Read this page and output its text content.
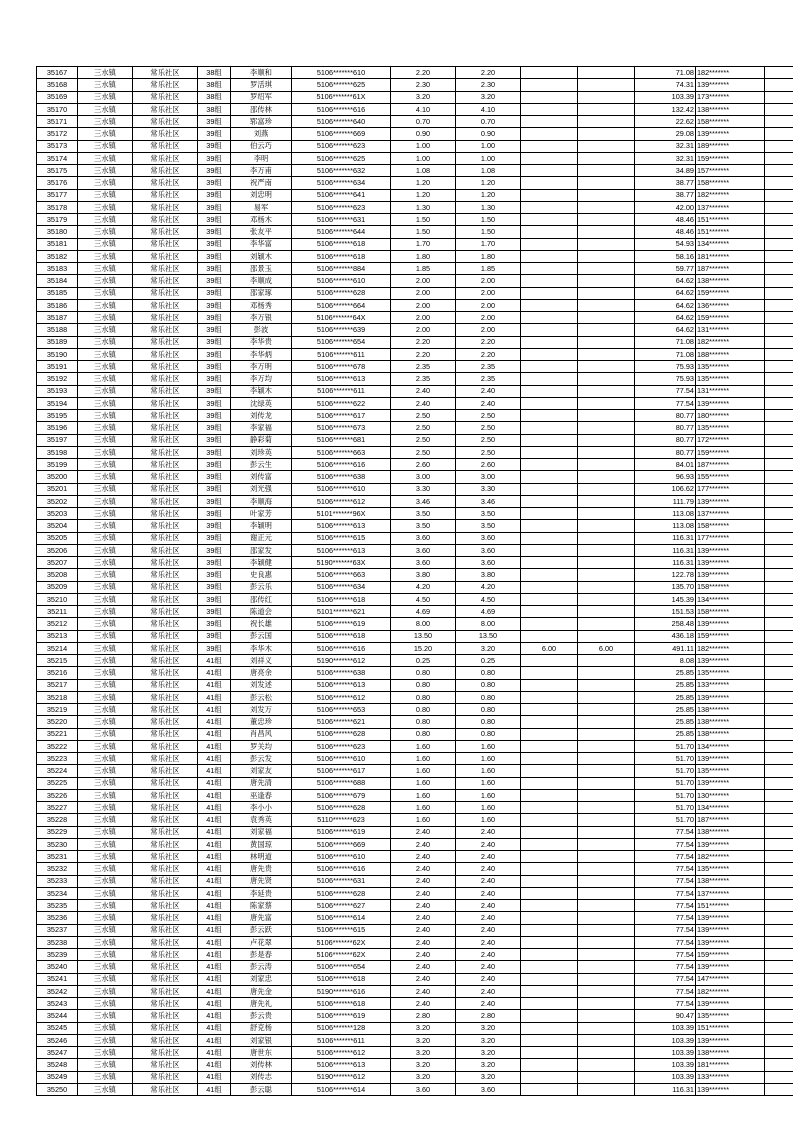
35167	三水镇	常乐社区	38组	李顺和	5106*******610	2.20	2.20			71.08	182*******	
35168	三水镇	常乐社区	38组	罗活琪	5106*******625	2.30	2.30			74.31	139*******	
35169	三水镇	常乐社区	38组	罗绍军	5106*******61X	3.20	3.20			103.39	173*******	
35170	三水镇	常乐社区	38组	邵传林	5106*******616	4.10	4.10			132.42	138*******	
35171	三水镇	常乐社区	39组	郓富珍	5106*******640	0.70	0.70			22.62	158*******	
35172	三水镇	常乐社区	39组	刘燕	5106*******669	0.90	0.90			29.08	139*******	
35173	三水镇	常乐社区	39组	伯云巧	5106*******623	1.00	1.00			32.31	189*******	
35174	三水镇	常乐社区	39组	李明	5106*******625	1.00	1.00			32.31	159*******	
35175	三水镇	常乐社区	39组	李万甫	5106*******632	1.08	1.08			34.89	157*******	
35176	三水镇	常乐社区	39组	祝严南	5106*******634	1.20	1.20			38.77	158*******	
35177	三水镇	常乐社区	39组	刘忠明	5106*******641	1.20	1.20			38.77	182*******	
35178	三水镇	常乐社区	39组	易军	5106*******623	1.30	1.30			42.00	137*******	
35179	三水镇	常乐社区	39组	邓杨木	5106*******631	1.50	1.50			48.46	151*******	
35180	三水镇	常乐社区	39组	张友平	5106*******644	1.50	1.50			48.46	151*******	
35181	三水镇	常乐社区	39组	李华富	5106*******618	1.70	1.70			54.93	134*******	
35182	三水镇	常乐社区	39组	刘颖木	5106*******618	1.80	1.80			58.16	181*******	
35183	三水镇	常乐社区	39组	邵景玉	5106*******884	1.85	1.85			59.77	187*******	
35184	三水镇	常乐社区	39组	李顺成	5106*******610	2.00	2.00			64.62	138*******	
35185	三水镇	常乐社区	39组	邵家琢	5106*******628	2.00	2.00			64.62	159*******	
35186	三水镇	常乐社区	39组	邓杨秀	5106*******664	2.00	2.00			64.62	136*******	
35187	三水镇	常乐社区	39组	李万银	5106*******64X	2.00	2.00			64.62	159*******	
35188	三水镇	常乐社区	39组	彭波	5106*******639	2.00	2.00			64.62	131*******	
35189	三水镇	常乐社区	39组	李华贵	5106*******654	2.20	2.20			71.08	182*******	
35190	三水镇	常乐社区	39组	李华炳	5106*******611	2.20	2.20			71.08	188*******	
35191	三水镇	常乐社区	39组	李万明	5106*******678	2.35	2.35			75.93	135*******	
35192	三水镇	常乐社区	39组	李万均	5106*******613	2.35	2.35			75.93	135*******	
35193	三水镇	常乐社区	39组	李颖木	5106*******611	2.40	2.40			77.54	131*******	
35194	三水镇	常乐社区	39组	沈绿英	5106*******622	2.40	2.40			77.54	139*******	
35195	三水镇	常乐社区	39组	刘传龙	5106*******617	2.50	2.50			80.77	180*******	
35196	三水镇	常乐社区	39组	李家福	5106*******673	2.50	2.50			80.77	135*******	
35197	三水镇	常乐社区	39组	静彩菊	5106*******681	2.50	2.50			80.77	172*******	
35198	三水镇	常乐社区	39组	刘珍英	5106*******663	2.50	2.50			80.77	159*******	
35199	三水镇	常乐社区	39组	彭云生	5106*******616	2.60	2.60			84.01	187*******	
35200	三水镇	常乐社区	39组	刘传富	5106*******638	3.00	3.00			96.93	155*******	
35201	三水镇	常乐社区	39组	刘光强	5106*******610	3.30	3.30			106.62	177*******	
35202	三水镇	常乐社区	39组	李顺海	5106*******612	3.46	3.46			111.79	139*******	
35203	三水镇	常乐社区	39组	叶家芳	5101*******96X	3.50	3.50			113.08	137*******	
35204	三水镇	常乐社区	39组	李颖明	5106*******613	3.50	3.50			113.08	158*******	
35205	三水镇	常乐社区	39组	谢正元	5106*******615	3.60	3.60			116.31	177*******	
35206	三水镇	常乐社区	39组	邵家发	5106*******613	3.60	3.60			116.31	139*******	
35207	三水镇	常乐社区	39组	李颖健	5190*******63X	3.60	3.60			116.31	139*******	
35208	三水镇	常乐社区	39组	史良惠	5106*******663	3.80	3.80			122.78	139*******	
35209	三水镇	常乐社区	39组	彭云乐	5106*******634	4.20	4.20			135.70	158*******	
35210	三水镇	常乐社区	39组	邵传红	5106*******618	4.50	4.50			145.39	134*******	
35211	三水镇	常乐社区	39组	陈道会	5101*******621	4.69	4.69			151.53	158*******	
35212	三水镇	常乐社区	39组	祝长雄	5106*******619	8.00	8.00			258.48	139*******	
35213	三水镇	常乐社区	39组	彭云国	5106*******618	13.50	13.50			436.18	159*******	
35214	三水镇	常乐社区	39组	李华木	5106*******616	15.20	3.20	6.00	6.00	491.11	182*******	
35215	三水镇	常乐社区	41组	刘祥义	5190*******612	0.25	0.25			8.08	139*******	
35216	三水镇	常乐社区	41组	唐亮余	5106*******638	0.80	0.80			25.85	135*******	
35217	三水镇	常乐社区	41组	刘发述	5106*******613	0.80	0.80			25.85	133*******	
35218	三水镇	常乐社区	41组	彭云松	5106*******612	0.80	0.80			25.85	139*******	
35219	三水镇	常乐社区	41组	刘发万	5106*******653	0.80	0.80			25.85	138*******	
35220	三水镇	常乐社区	41组	董忠珍	5106*******621	0.80	0.80			25.85	138*******	
35221	三水镇	常乐社区	41组	肖昌风	5106*******628	0.80	0.80			25.85	138*******	
35222	三水镇	常乐社区	41组	罗关均	5106*******623	1.60	1.60			51.70	134*******	
35223	三水镇	常乐社区	41组	彭云发	5106*******610	1.60	1.60			51.70	139*******	
35224	三水镇	常乐社区	41组	刘家友	5106*******617	1.60	1.60			51.70	135*******	
35225	三水镇	常乐社区	41组	唐先清	5106*******688	1.60	1.60			51.70	139*******	
35226	三水镇	常乐社区	41组	巫逢春	5106*******679	1.60	1.60			51.70	130*******	
35227	三水镇	常乐社区	41组	李小小	5106*******628	1.60	1.60			51.70	134*******	
35228	三水镇	常乐社区	41组	袁秀英	5110*******623	1.60	1.60			51.70	187*******	
35229	三水镇	常乐社区	41组	刘家福	5106*******619	2.40	2.40			77.54	138*******	
35230	三水镇	常乐社区	41组	黄国琼	5106*******669	2.40	2.40			77.54	139*******	
35231	三水镇	常乐社区	41组	林明道	5106*******610	2.40	2.40			77.54	182*******	
35232	三水镇	常乐社区	41组	唐先贵	5106*******616	2.40	2.40			77.54	135*******	
35233	三水镇	常乐社区	41组	唐先贤	5106*******631	2.40	2.40			77.54	138*******	
35234	三水镇	常乐社区	41组	李延贵	5106*******628	2.40	2.40			77.54	137*******	
35235	三水镇	常乐社区	41组	陈家蔡	5106*******627	2.40	2.40			77.54	151*******	
35236	三水镇	常乐社区	41组	唐先富	5106*******614	2.40	2.40			77.54	139*******	
35237	三水镇	常乐社区	41组	彭云跃	5106*******615	2.40	2.40			77.54	139*******	
35238	三水镇	常乐社区	41组	卢花翠	5106*******62X	2.40	2.40			77.54	139*******	
35239	三水镇	常乐社区	41组	彭是春	5106*******62X	2.40	2.40			77.54	159*******	
35240	三水镇	常乐社区	41组	彭云涛	5106*******654	2.40	2.40			77.54	139*******	
35241	三水镇	常乐社区	41组	刘家忠	5106*******618	2.40	2.40			77.54	147*******	
35242	三水镇	常乐社区	41组	唐先金	5190*******616	2.40	2.40			77.54	182*******	
35243	三水镇	常乐社区	41组	唐先礼	5106*******618	2.40	2.40			77.54	139*******	
35244	三水镇	常乐社区	41组	彭云贵	5106*******619	2.80	2.80			90.47	135*******	
35245	三水镇	常乐社区	41组	舒克杨	5106*******128	3.20	3.20			103.39	151*******	
35246	三水镇	常乐社区	41组	刘家银	5106*******611	3.20	3.20			103.39	139*******	
35247	三水镇	常乐社区	41组	唐世东	5106*******612	3.20	3.20			103.39	138*******	
35248	三水镇	常乐社区	41组	刘传林	5106*******613	3.20	3.20			103.39	181*******	
35249	三水镇	常乐社区	41组	刘传志	5190*******612	3.20	3.20			103.39	133*******	
35250	三水镇	常乐社区	41组	彭云聪	5106*******614	3.60	3.60			116.31	139*******	
